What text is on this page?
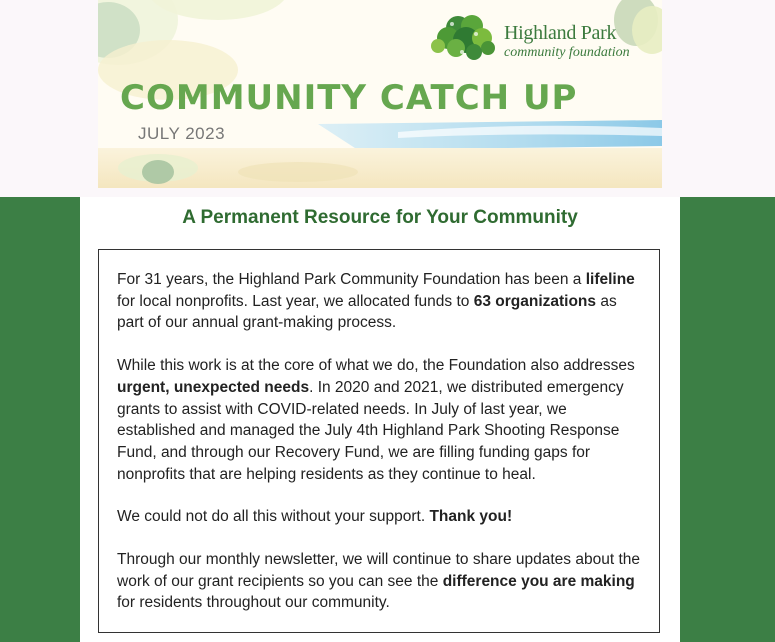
Highland Park
community foundation
COMMUNITY CATCH UP
JULY 2023
A Permanent Resource for Your Community

For 31 years, the Highland Park Community Foundation has been a lifeline for local nonprofits. Last year, we allocated funds to 63 organizations as part of our annual grant-making process.

While this work is at the core of what we do, the Foundation also addresses urgent, unexpected needs. In 2020 and 2021, we distributed emergency grants to assist with COVID-related needs. In July of last year, we established and managed the July 4th Highland Park Shooting Response Fund, and through our Recovery Fund, we are filling funding gaps for nonprofits that are helping residents as they continue to heal.

We could not do all this without your support. Thank you!

Through our monthly newsletter, we will continue to share updates about the work of our grant recipients so you can see the difference you are making for residents throughout our community.
